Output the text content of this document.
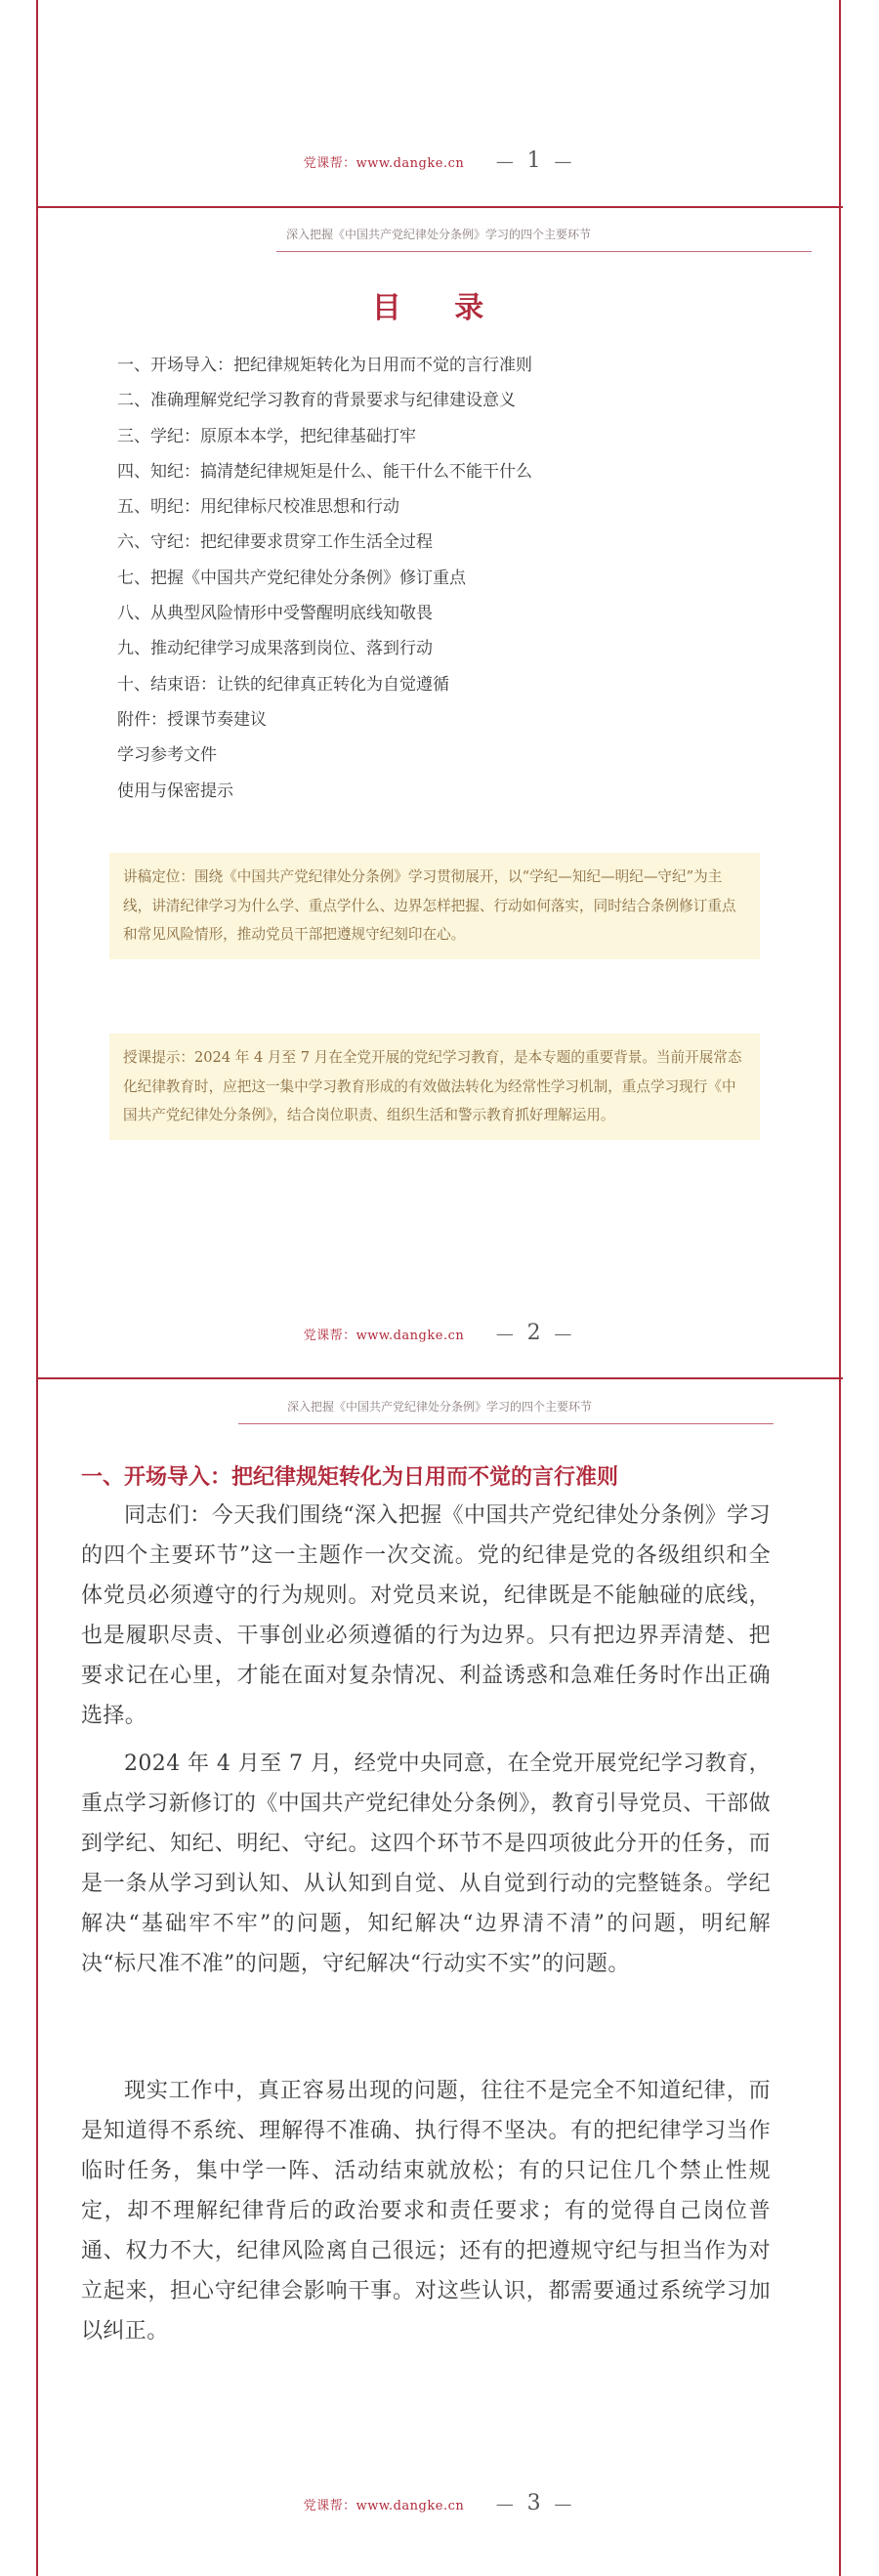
党课帮：www.dangke.cn — 1 —
深入把握《中国共产党纪律处分条例》学习的四个主要环节
目 录
一、开场导入：把纪律规矩转化为日用而不觉的言行准则
二、准确理解党纪学习教育的背景要求与纪律建设意义
三、学纪：原原本本学，把纪律基础打牢
四、知纪：搞清楚纪律规矩是什么、能干什么不能干什么
五、明纪：用纪律标尺校准思想和行动
六、守纪：把纪律要求贯穿工作生活全过程
七、把握《中国共产党纪律处分条例》修订重点
八、从典型风险情形中受警醒明底线知敬畏
九、推动纪律学习成果落到岗位、落到行动
十、结束语：让铁的纪律真正转化为自觉遵循
附件：授课节奏建议
学习参考文件
使用与保密提示
讲稿定位：围绕《中国共产党纪律处分条例》学习贯彻展开，以“学纪—知纪—明纪—守纪”为主线，讲清纪律学习为什么学、重点学什么、边界怎样把握、行动如何落实，同时结合条例修订重点和常见风险情形，推动党员干部把遵规守纪刻印在心。
授课提示：2024 年 4 月至 7 月在全党开展的党纪学习教育，是本专题的重要背景。当前开展常态化纪律教育时，应把这一集中学习教育形成的有效做法转化为经常性学习机制，重点学习现行《中国共产党纪律处分条例》，结合岗位职责、组织生活和警示教育抓好理解运用。
党课帮：www.dangke.cn — 2 —
深入把握《中国共产党纪律处分条例》学习的四个主要环节
一、开场导入：把纪律规矩转化为日用而不觉的言行准则

同志们：今天我们围绕“深入把握《中国共产党纪律处分条例》学习的四个主要环节”这一主题作一次交流。党的纪律是党的各级组织和全体党员必须遵守的行为规则。对党员来说，纪律既是不能触碰的底线，也是履职尽责、干事创业必须遵循的行为边界。只有把边界弄清楚、把要求记在心里，才能在面对复杂情况、利益诱惑和急难任务时作出正确选择。

2024 年 4 月至 7 月，经党中央同意，在全党开展党纪学习教育，重点学习新修订的《中国共产党纪律处分条例》，教育引导党员、干部做到学纪、知纪、明纪、守纪。这四个环节不是四项彼此分开的任务，而是一条从学习到认知、从认知到自觉、从自觉到行动的完整链条。学纪解决“基础牢不牢”的问题，知纪解决“边界清不清”的问题，明纪解决“标尺准不准”的问题，守纪解决“行动实不实”的问题。

现实工作中，真正容易出现的问题，往往不是完全不知道纪律，而是知道得不系统、理解得不准确、执行得不坚决。有的把纪律学习当作临时任务，集中学一阵、活动结束就放松；有的只记住几个禁止性规定，却不理解纪律背后的政治要求和责任要求；有的觉得自己岗位普通、权力不大，纪律风险离自己很远；还有的把遵规守纪与担当作为对立起来，担心守纪律会影响干事。对这些认识，都需要通过系统学习加以纠正。

党课帮：www.dangke.cn — 3 —
